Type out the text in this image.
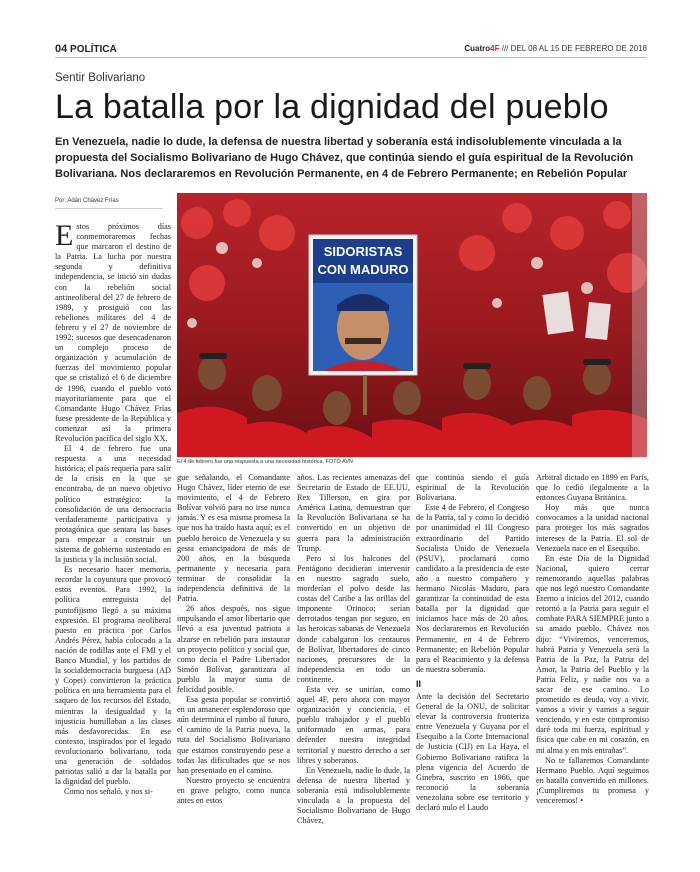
04 POLÍTICA	Cuatro4F /// DEL 08 AL 15 DE FEBRERO DE 2018
Sentir Bolivariano
La batalla por la dignidad del pueblo
En Venezuela, nadie lo dude, la defensa de nuestra libertad y soberanía está indisolublemente vinculada a la propuesta del Socialismo Bolivariano de Hugo Chávez, que continúa siendo el guía espiritual de la Revolución Bolivariana. Nos declararemos en Revolución Permanente, en 4 de Febrero Permanente; en Rebelión Popular
Por: Adán Chávez Frías
SIDORISTAS
CON MADURO
El 4 de febrero fue una respuesta a una necesidad histórica. FOTO AVN

Estos próximos días conmemoraremos fechas que marcaron el destino de la Patria. La lucha por nuestra segunda y definitiva independencia, se inició sin dudas con la rebelión social antineoliberal del 27 de febrero de 1989, y prosiguió con las rebeliones militares del 4 de febrero y el 27 de noviembre de 1992; sucesos que desencadenaron un complejo proceso de organización y acumulación de fuerzas del movimiento popular que se cristalizó el 6 de diciembre de 1998, cuando el pueblo votó mayoritariamente para que el Comandante Hugo Chávez Frías fuese presidente de la República y comenzar así la primera Revolución pacífica del siglo XX.

El 4 de febrero fue una respuesta a una necesidad histórica; el país requería para salir de la crisis en la que se encontraba, de un nuevo objetivo político estratégico: la consolidación de una democracia verdaderamente participativa y protagónica que sentara las bases para empezar a construir un sistema de gobierno sustentado en la justicia y la inclusión social.

Es necesario hacer memoria, recordar la coyuntura que provocó estos eventos. Para 1992, la política entreguista del puntofijismo llegó a su máxima expresión. El programa neoliberal puesto en práctica por Carlos Andrés Pérez, había colocado a la nación de rodillas ante el FMI y el Banco Mundial, y los partidos de la socialdemocracia burguesa (AD y Copei) convirtieron la práctica política en una herramienta para el saqueo de los recursos del Estado, mientras la desigualdad y la injusticia humillaban a las clases más desfavorecidas. En ese contexto, inspirados por el legado revolucionario bolivariano, toda una generación de soldados patriotas salió a dar la batalla por la dignidad del pueblo.

Como nos señaló, y nos si-

gue señalando, el Comandante Hugo Chávez, líder eterno de ese movimiento, el 4 de Febrero Bolívar volvió para no irse nunca jamás. Y es esa misma promesa la que nos ha traído hasta aquí; es el pueblo heroico de Venezuela y su gesta emancipadora de más de 200 años, en la búsqueda permanente y necesaria para terminar de consolidar la independencia definitiva de la Patria.

26 años después, nos sigue impulsando el amor libertario que llevó a esa juventud patriota a alzarse en rebelión para instaurar un proyecto político y social que, como decía el Padre Libertador Simón Bolívar, garantizara al pueblo la mayor suma de felicidad posible.

Esa gesta popular se convirtió en un amanecer esplendoroso que aún determina el rumbo al futuro, el camino de la Patria nueva, la ruta del Socialismo Bolivariano que estamos construyendo pese a todas las dificultades que se nos han presentado en el camino.

Nuestro proyecto se encuentra en grave peligro, como nunca antes en estos

años. Las recientes amenazas del Secretario de Estado de EE.UU, Rex Tillerson, en gira por América Latina, demuestran que la Revolución Bolivariana se ha convertido en un objetivo de guerra para la administración Trump.

Pero si los halcones del Pentágono decidieran intervenir en nuestro sagrado suelo, morderían el polvo desde las costas del Caribe a las orillas del imponente Orinoco; serían derrotados tengan por seguro, en las heroicas sabanas de Venezuela donde cabalgaron los centauros de Bolívar, libertadores de cinco naciones, precursores de la independencia en todo un continente.

Esta vez se unirían, como aquel 4F, pero ahora con mayor organización y conciencia, el pueblo trabajador y el pueblo uniformado en armas, para defender nuestra integridad territorial y nuestro derecho a ser libres y soberanos.

En Venezuela, nadie lo dude, la defensa de nuestra libertad y soberanía está indisolublemente vinculada a la propuesta del Socialismo Bolivariano de Hugo Chávez,

que continúa siendo el guía espiritual de la Revolución Bolivariana.

Este 4 de Febrero, el Congreso de la Patria, tal y como lo decidió por unanimidad el III Congreso extraordinario del Partido Socialista Unido de Venezuela (PSUV), proclamará como candidato a la presidencia de este año a nuestro compañero y hermano Nicolás Maduro, para garantizar la continuidad de esta batalla por la dignidad que iniciamos hace más de 20 años. Nos declararemos en Revolución Permanente, en 4 de Febrero Permanente; en Rebelión Popular para el Reacimiento y la defensa de nuestra soberanía.

II

Ante la decisión del Secretario General de la ONU, de solicitar elevar la controversia fronteriza entre Venezuela y Guyana por el Esequibo a la Corte Internacional de Justicia (CIJ) en La Haya, el Gobierno Bolivariano ratifica la plena vigencia del Acuerdo de Ginebra, suscrito en 1966, que reconoció la soberanía venezolana sobre ese territorio y declaró nulo el Laudo

Arbitral dictado en 1899 en París, que lo cedió ilegalmente a la entonces Guyana Británica.

Hoy más que nunca convocamos a la unidad nacional para proteger los más sagrados intereses de la Patria. El sol de Venezuela nace en el Esequibo.

En este Día de la Dignidad Nacional, quiero cerrar rememorando aquellas palabras que nos legó nuestro Comandante Eterno a inicios del 2012, cuando retornó a la Patria para seguir el combate PARA SIEMPRE junto a su amado pueblo. Chávez nos dijo: “Viviremos, venceremos, habrá Patria y Venezuela será la Patria de la Paz, la Patria del Amor, la Patria del Pueblo y la Patria Feliz, y nadie nos va a sacar de ese camino. Lo prometido es deuda, voy a vivir, vamos a vivir y vamos a seguir venciendo, y en este compromiso daré toda mi fuerza, espiritual y física que cabe en mi corazón, en mi alma y en mis entrañas”.

No te fallaremos Comandante Hermano Pueblo. Aquí seguimos en batalla convertido en millones. ¡Cumpliremos tu promesa y venceremos! •
